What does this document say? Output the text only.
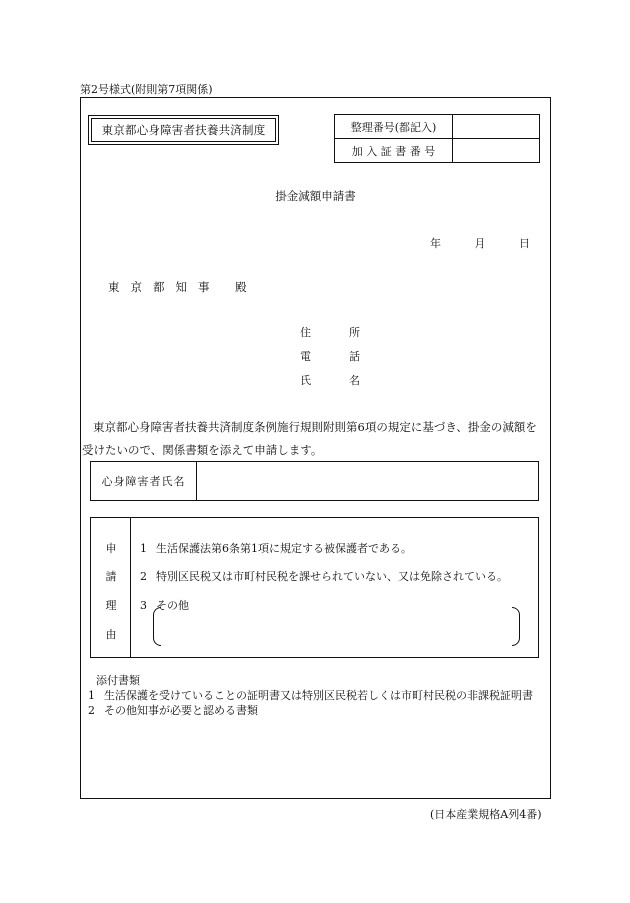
第2号様式(附則第7項関係)
東京都心身障害者扶養共済制度	整理番号(都記入)	
加 入 証 書 番 号	
掛金減額申請書
年	月	日
東京都知事 殿
住	所
電	話
氏	名
東京都心身障害者扶養共済制度条例施行規則附則第6項の規定に基づき、掛金の減額を
受けたいので、関係書類を添えて申請します。
心身障害者氏名
申
請
理
由
1 生活保護法第6条第1項に規定する被保護者である。
2 特別区民税又は市町村民税を課せられていない、又は免除されている。
3 その他
添付書類
1 生活保護を受けていることの証明書又は特別区民税若しくは市町村民税の非課税証明書
2 その他知事が必要と認める書類
(日本産業規格A列4番)
